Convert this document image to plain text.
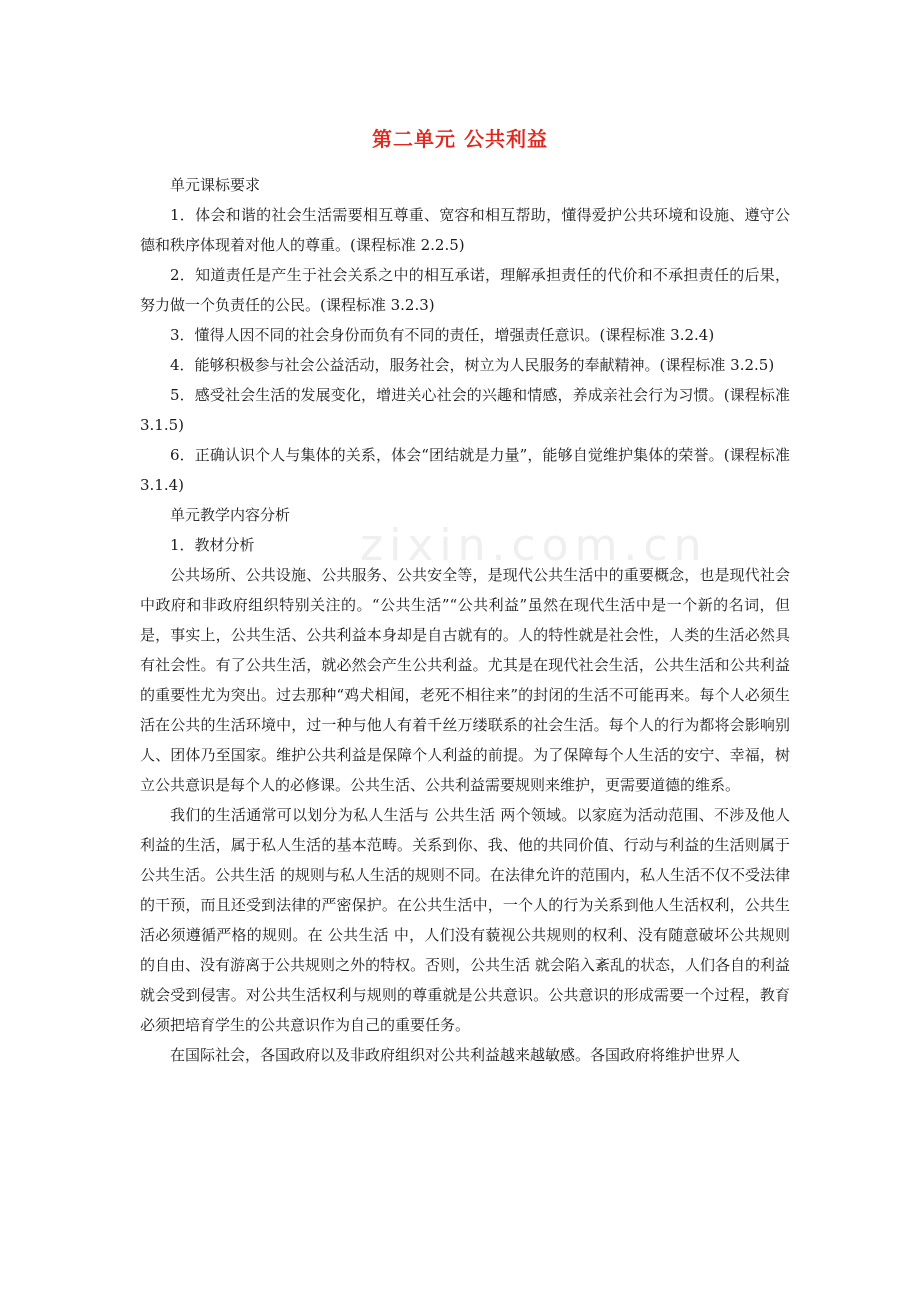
第二单元 公共利益
zixin.com.cn

单元课标要求

1．体会和谐的社会生活需要相互尊重、宽容和相互帮助，懂得爱护公共环境和设施、遵守公德和秩序体现着对他人的尊重。(课程标准 2.2.5)

2．知道责任是产生于社会关系之中的相互承诺，理解承担责任的代价和不承担责任的后果，努力做一个负责任的公民。(课程标准 3.2.3)

3．懂得人因不同的社会身份而负有不同的责任，增强责任意识。(课程标准 3.2.4)

4．能够积极参与社会公益活动，服务社会，树立为人民服务的奉献精神。(课程标准 3.2.5)

5．感受社会生活的发展变化，增进关心社会的兴趣和情感，养成亲社会行为习惯。(课程标准 3.1.5)

6．正确认识个人与集体的关系，体会“团结就是力量”，能够自觉维护集体的荣誉。(课程标准 3.1.4)

单元教学内容分析

1．教材分析

公共场所、公共设施、公共服务、公共安全等，是现代公共生活中的重要概念，也是现代社会中政府和非政府组织特别关注的。“公共生活”“公共利益”虽然在现代生活中是一个新的名词，但是，事实上，公共生活、公共利益本身却是自古就有的。人的特性就是社会性，人类的生活必然具有社会性。有了公共生活，就必然会产生公共利益。尤其是在现代社会生活，公共生活和公共利益的重要性尤为突出。过去那种“鸡犬相闻，老死不相往来”的封闭的生活不可能再来。每个人必须生活在公共的生活环境中，过一种与他人有着千丝万缕联系的社会生活。每个人的行为都将会影响别人、团体乃至国家。维护公共利益是保障个人利益的前提。为了保障每个人生活的安宁、幸福，树立公共意识是每个人的必修课。公共生活、公共利益需要规则来维护，更需要道德的维系。

我们的生活通常可以划分为私人生活与 公共生活 两个领域。以家庭为活动范围、不涉及他人利益的生活，属于私人生活的基本范畴。关系到你、我、他的共同价值、行动与利益的生活则属于公共生活。公共生活 的规则与私人生活的规则不同。在法律允许的范围内，私人生活不仅不受法律的干预，而且还受到法律的严密保护。在公共生活中，一个人的行为关系到他人生活权利，公共生活必须遵循严格的规则。在 公共生活 中，人们没有藐视公共规则的权利、没有随意破坏公共规则的自由、没有游离于公共规则之外的特权。否则，公共生活 就会陷入紊乱的状态，人们各自的利益就会受到侵害。对公共生活权利与规则的尊重就是公共意识。公共意识的形成需要一个过程，教育必须把培育学生的公共意识作为自己的重要任务。

在国际社会，各国政府以及非政府组织对公共利益越来越敏感。各国政府将维护世界人
